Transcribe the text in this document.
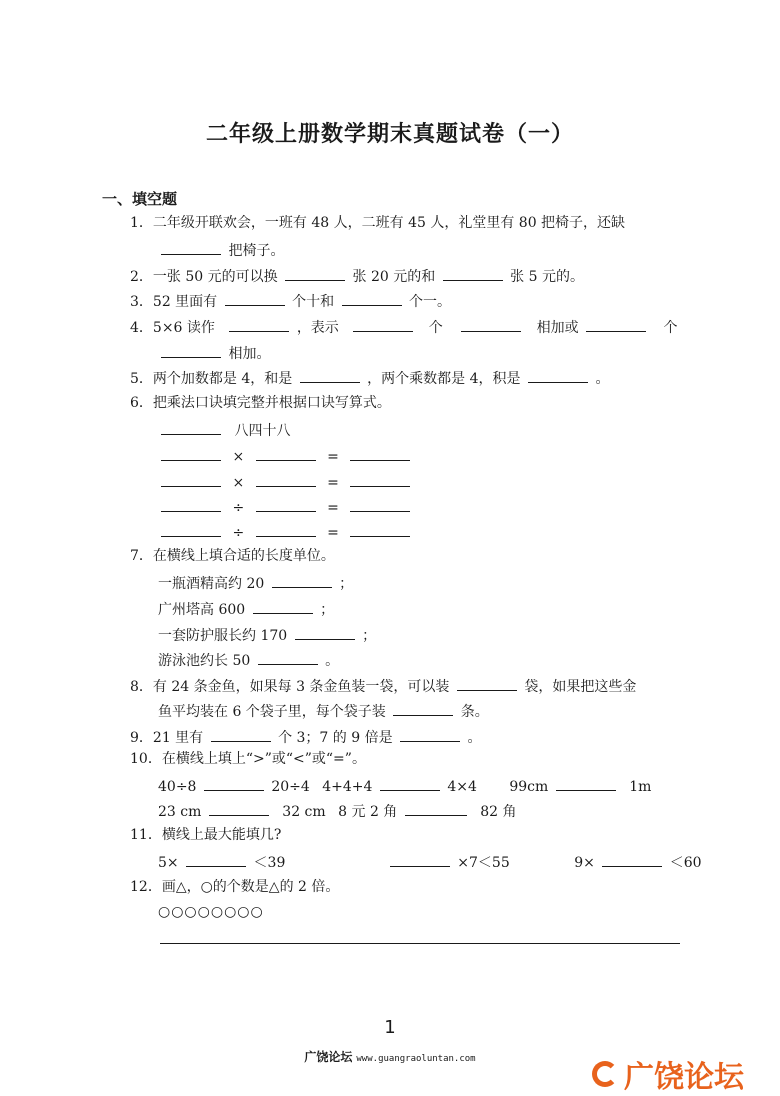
二年级上册数学期末真题试卷（一）
一、填空题
1．二年级开联欢会，一班有 48 人，二班有 45 人，礼堂里有 80 把椅子，还缺
把椅子。
2．一张 50 元的可以换	张 20 元的和	张 5 元的。
3．52 里面有	个十和	个一。
4．5×6 读作	，表示	个	相加或	个
相加。
5．两个加数都是 4，和是	，两个乘数都是 4，积是	。
6．把乘法口诀填完整并根据口诀写算式。
八四十八
×	=
×	=
÷	=
÷	=
7．在横线上填合适的长度单位。
一瓶酒精高约 20	；
广州塔高 600	；
一套防护服长约 170	；
游泳池约长 50	。
8．有 24 条金鱼，如果每 3 条金鱼装一袋，可以装	袋，如果把这些金
鱼平均装在 6 个袋子里，每个袋子装	条。
9．21 里有	个 3；7 的 9 倍是	。
10．在横线上填上“>”或“<”或“=”。
40÷8	20÷4 4+4+4	4×4 99cm	1m
23 cm	32 cm 8 元 2 角	82 角
11．横线上最大能填几?
5×	＜39	×7＜55	9×	＜60
12．画△，○的个数是△的 2 倍。
○○○○○○○○
1
广饶论坛 www.guangraoluntan.com
广饶论坛
